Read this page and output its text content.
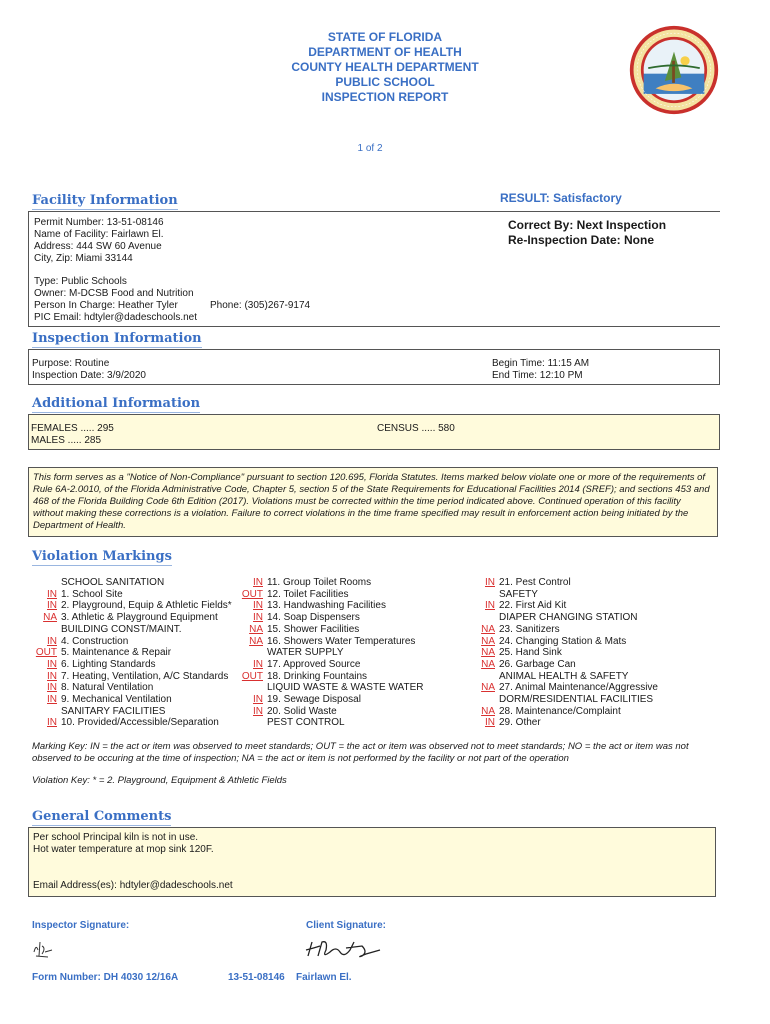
STATE OF FLORIDA
DEPARTMENT OF HEALTH
COUNTY HEALTH DEPARTMENT
PUBLIC SCHOOL
INSPECTION REPORT
1 of 2
Facility Information	RESULT: Satisfactory
Permit Number: 13-51-08146
Name of Facility: Fairlawn El.
Address: 444 SW 60 Avenue
City, Zip: Miami 33144
Correct By: Next Inspection
Re-Inspection Date: None
Type: Public Schools
Owner: M-DCSB Food and Nutrition
Person In Charge: Heather Tyler	Phone: (305)267-9174
PIC Email: hdtyler@dadeschools.net
Inspection Information
Purpose: Routine
Inspection Date: 3/9/2020
Begin Time: 11:15 AM
End Time: 12:10 PM
Additional Information
FEMALES ..... 295
MALES ..... 285
CENSUS ..... 580
This form serves as a "Notice of Non-Compliance" pursuant to section 120.695, Florida Statutes. Items marked below violate one or more of the requirements of Rule 6A-2.0010, of the Florida Administrative Code, Chapter 5, section 5 of the State Requirements for Educational Facilities 2014 (SREF); and sections 453 and 468 of the Florida Building Code 6th Edition (2017). Violations must be corrected within the time period indicated above. Continued operation of this facility without making these corrections is a violation. Failure to correct violations in the time frame specified may result in enforcement action being initiated by the Department of Health.
Violation Markings
SCHOOL SANITATION
IN 1. School Site
IN 2. Playground, Equip & Athletic Fields*
NA 3. Athletic & Playground Equipment
BUILDING CONST/MAINT.
IN 4. Construction
OUT 5. Maintenance & Repair
IN 6. Lighting Standards
IN 7. Heating, Ventilation, A/C Standards
IN 8. Natural Ventilation
IN 9. Mechanical Ventilation
SANITARY FACILITIES
IN 10. Provided/Accessible/Separation
IN 11. Group Toilet Rooms
OUT 12. Toilet Facilities
IN 13. Handwashing Facilities
IN 14. Soap Dispensers
NA 15. Shower Facilities
NA 16. Showers Water Temperatures
WATER SUPPLY
IN 17. Approved Source
OUT 18. Drinking Fountains
LIQUID WASTE & WASTE WATER
IN 19. Sewage Disposal
IN 20. Solid Waste
PEST CONTROL
IN 21. Pest Control
SAFETY
IN 22. First Aid Kit
DIAPER CHANGING STATION
NA 23. Sanitizers
NA 24. Changing Station & Mats
NA 25. Hand Sink
NA 26. Garbage Can
ANIMAL HEALTH & SAFETY
NA 27. Animal Maintenance/Aggressive
DORM/RESIDENTIAL FACILITIES
NA 28. Maintenance/Complaint
IN 29. Other
Marking Key: IN = the act or item was observed to meet standards; OUT = the act or item was observed not to meet standards; NO = the act or item was not observed to be occuring at the time of inspection; NA = the act or item is not performed by the facility or not part of the operation
Violation Key: * = 2. Playground, Equipment & Athletic Fields
General Comments
Per school Principal kiln is not in use.
Hot water temperature at mop sink 120F.
Email Address(es): hdtyler@dadeschools.net
Inspector Signature:	Client Signature:
Form Number: DH 4030 12/16A	13-51-08146 Fairlawn El.
